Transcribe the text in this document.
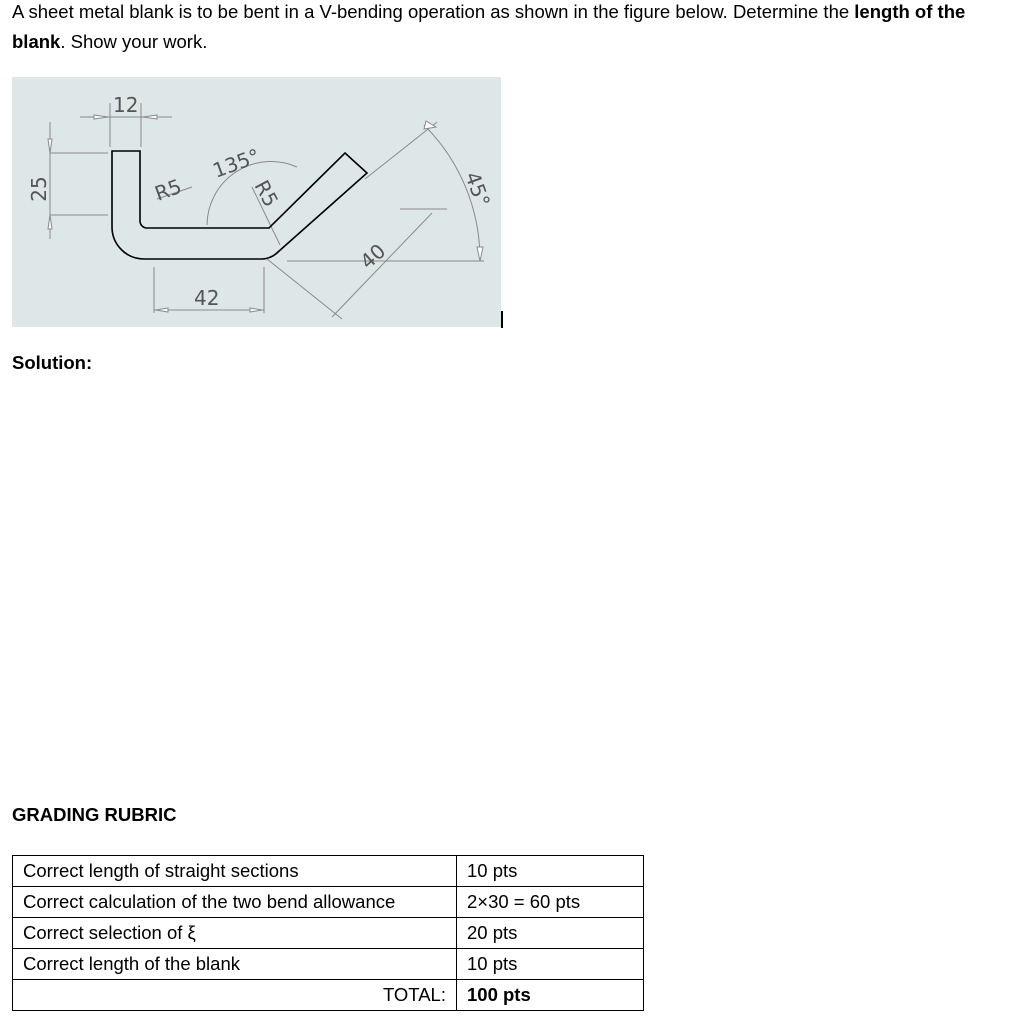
A sheet metal blank is to be bent in a V-bending operation as shown in the figure below. Determine the length of the blank. Show your work.

12
25	R5
135°
R5	45°
40
42

Solution:

GRADING RUBRIC

Correct length of straight sections	10 pts
Correct calculation of the two bend allowance	2×30 = 60 pts
Correct selection of ξ	20 pts
Correct length of the blank	10 pts
TOTAL:	100 pts
